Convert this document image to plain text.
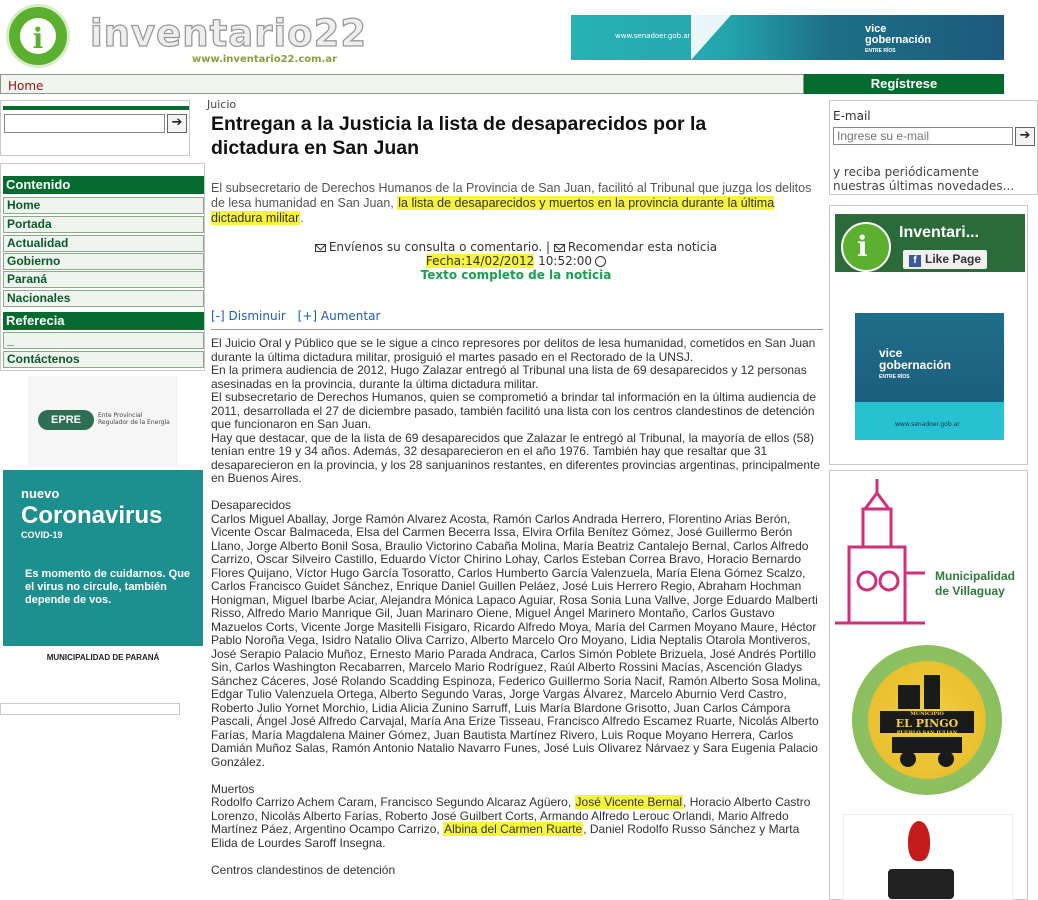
i	inventario22
www.inventario22.com.ar
www.senadoer.gob.ar
vice
gobernación
ENTRE RÍOS
Home	Regístrese
➔
Contenido
Home
Portada
Actualidad
Gobierno
Paraná
Nacionales
Referecia
_
Contáctenos
EPRE	Ente Provincial Regulador de la Energía
nuevo
Coronavirus
COVID-19
Es momento de cuidarnos. Que el virus no circule, también depende de vos.
MUNICIPALIDAD DE PARANÁ
Juicio
Entregan a la Justicia la lista de desaparecidos por la dictadura en San Juan
El subsecretario de Derechos Humanos de la Provincia de San Juan, facilitó al Tribunal que juzga los delitos de lesa humanidad en San Juan, la lista de desaparecidos y muertos en la provincia durante la última dictadura militar.
Envíenos su consulta o comentario. | Recomendar esta noticia
Fecha:14/02/2012 10:52:00
Texto completo de la noticia
[-] Disminuir [+] Aumentar

El Juicio Oral y Público que se le sigue a cinco represores por delitos de lesa humanidad, cometidos en San Juan durante la última dictadura militar, prosiguió el martes pasado en el Rectorado de la UNSJ.

En la primera audiencia de 2012, Hugo Zalazar entregó al Tribunal una lista de 69 desaparecidos y 12 personas asesinadas en la provincia, durante la última dictadura militar.

El subsecretario de Derechos Humanos, quien se comprometió a brindar tal información en la última audiencia de 2011, desarrollada el 27 de diciembre pasado, también facilitó una lista con los centros clandestinos de detención que funcionaron en San Juan.

Hay que destacar, que de la lista de 69 desaparecidos que Zalazar le entregó al Tribunal, la mayoría de ellos (58) tenían entre 19 y 34 años. Además, 32 desaparecieron en el año 1976. También hay que resaltar que 31 desaparecieron en la provincia, y los 28 sanjuaninos restantes, en diferentes provincias argentinas, principalmente en Buenos Aires.

Desaparecidos

Carlos Miguel Aballay, Jorge Ramón Alvarez Acosta, Ramón Carlos Andrada Herrero, Florentino Arias Berón, Vicente Oscar Balmaceda, Elsa del Carmen Becerra Issa, Elvira Orfila Benítez Gómez, José Guillermo Berón Llano, Jorge Alberto Bonil Sosa, Braulio Victorino Cabaña Molina, María Beatriz Cantalejo Bernal, Carlos Alfredo Carrizo, Oscar Silveiro Castillo, Eduardo Víctor Chirino Lohay, Carlos Esteban Correa Bravo, Horacio Bernardo Flores Quijano, Víctor Hugo García Tosoratto, Carlos Humberto García Valenzuela, María Elena Gómez Scalzo, Carlos Francisco Guidet Sánchez, Enrique Daniel Guillen Peláez, José Luis Herrero Regio, Abraham Hochman Honigman, Miguel Ibarbe Aciar, Alejandra Mónica Lapaco Aguiar, Rosa Sonia Luna Vallve, Jorge Eduardo Malberti Risso, Alfredo Mario Manrique Gil, Juan Marinaro Oiene, Miguel Ángel Marinero Montaño, Carlos Gustavo Mazuelos Corts, Vicente Jorge Masitelli Fisigaro, Ricardo Alfredo Moya, María del Carmen Moyano Maure, Héctor Pablo Noroña Vega, Isidro Natalio Oliva Carrizo, Alberto Marcelo Oro Moyano, Lidia Neptalis Otarola Montiveros, José Serapio Palacio Muñoz, Ernesto Mario Parada Andraca, Carlos Simón Poblete Brizuela, José Andrés Portillo Sin, Carlos Washington Recabarren, Marcelo Mario Rodríguez, Raúl Alberto Rossini Macías, Ascención Gladys Sánchez Cáceres, José Rolando Scadding Espinoza, Federico Guillermo Soria Nacif, Ramón Alberto Sosa Molina, Edgar Tulio Valenzuela Ortega, Alberto Segundo Varas, Jorge Vargas Álvarez, Marcelo Aburnio Verd Castro, Roberto Julio Yornet Morchio, Lidia Alicia Zunino Sarruff, Luis María Blardone Grisotto, Juan Carlos Cámpora Pascali, Ángel José Alfredo Carvajal, María Ana Erize Tisseau, Francisco Alfredo Escamez Ruarte, Nicolás Alberto Farías, María Magdalena Mainer Gómez, Juan Bautista Martínez Rivero, Luis Roque Moyano Herrera, Carlos Damián Muñoz Salas, Ramón Antonio Natalio Navarro Funes, José Luis Olivarez Nárvaez y Sara Eugenia Palacio González.

Muertos

Rodolfo Carrizo Achem Caram, Francisco Segundo Alcaraz Agüero, José Vicente Bernal, Horacio Alberto Castro Lorenzo, Nicolás Alberto Farías, Roberto José Guilbert Corts, Armando Alfredo Lerouc Orlandi, Mario Alfredo Martínez Páez, Argentino Ocampo Carrizo, Albina del Carmen Ruarte, Daniel Rodolfo Russo Sánchez y Marta Elida de Lourdes Saroff Insegna.

Centros clandestinos de detención

E-mail
Ingrese su e-mail
➔
y reciba periódicamente nuestras últimas novedades...
i Inventari...
f Like Page
vice
gobernación
ENTRE RÍOS
www.senadoer.gob.ar
Municipalidad
de Villaguay
MUNICIPIO
EL PINGO
PUEBLO SAN JULIAN
